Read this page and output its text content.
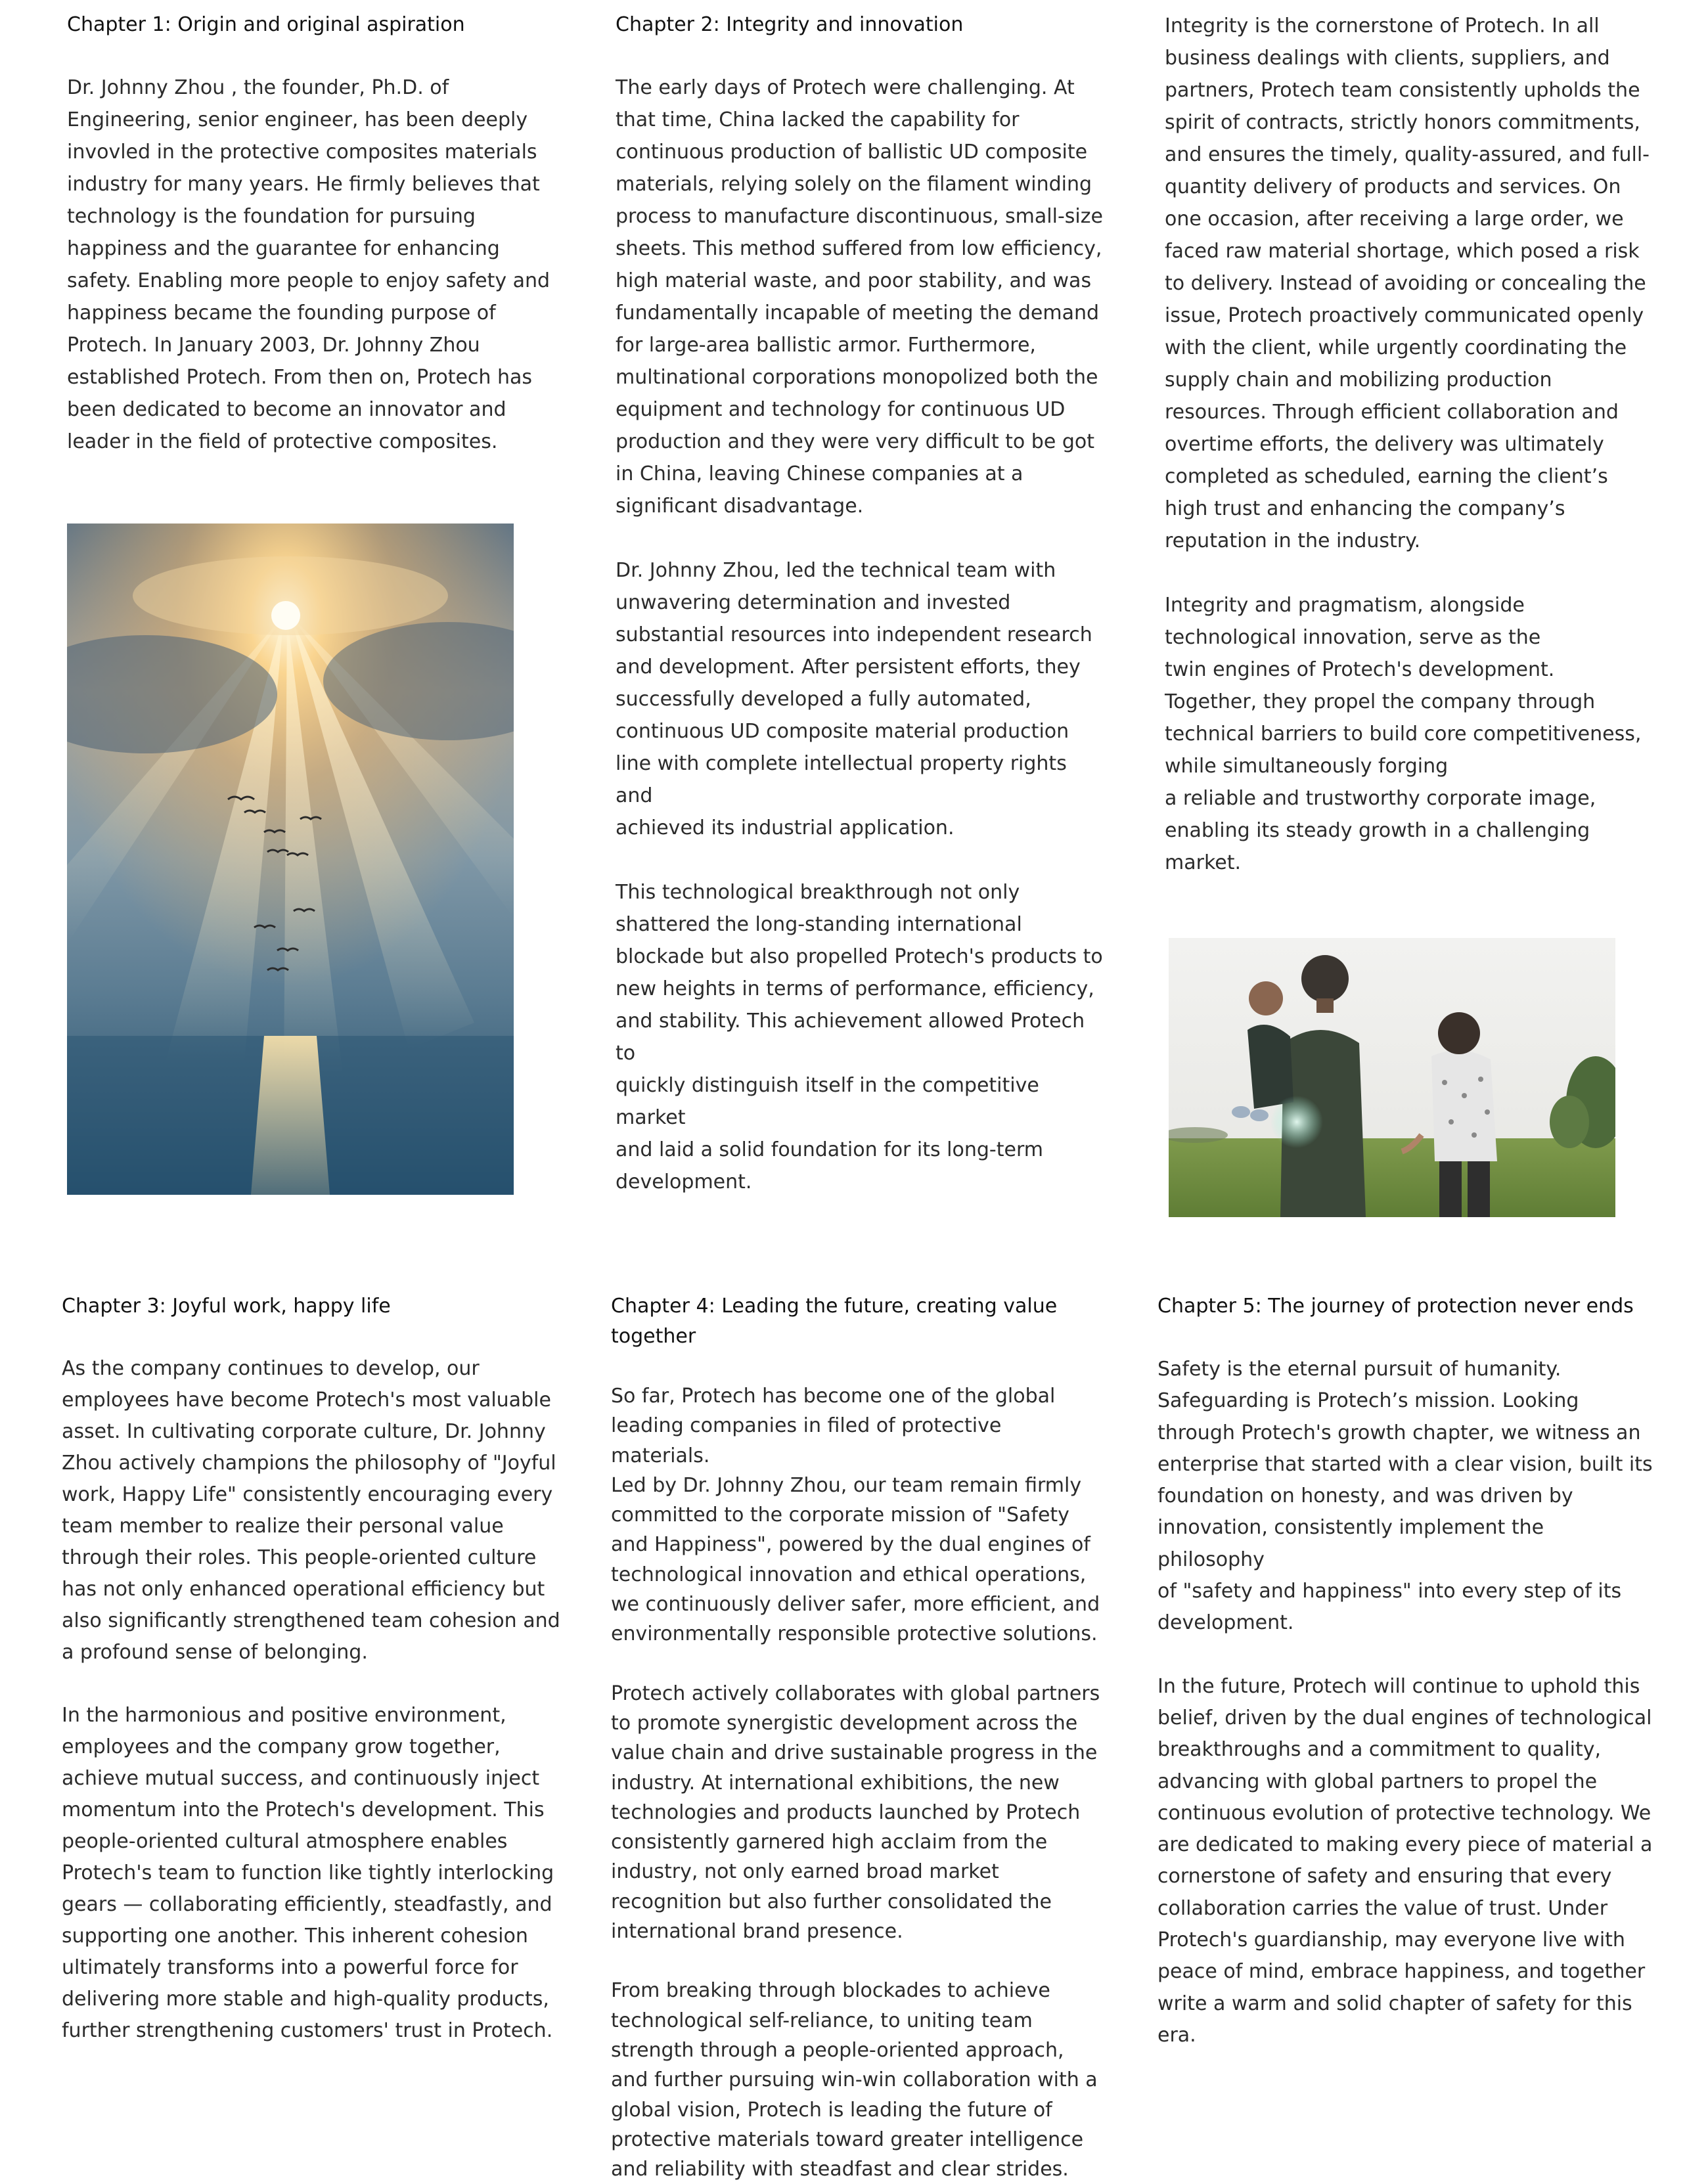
Chapter 1: Origin and original aspiration

Dr. Johnny Zhou , the founder, Ph.D. of
Engineering, senior engineer, has been deeply
invovled in the protective composites materials
industry for many years. He firmly believes that
technology is the foundation for pursuing
happiness and the guarantee for enhancing
safety. Enabling more people to enjoy safety and
happiness became the founding purpose of
Protech. In January 2003, Dr. Johnny Zhou
established Protech. From then on, Protech has
been dedicated to become an innovator and
leader in the field of protective composites.

Chapter 2: Integrity and innovation

The early days of Protech were challenging. At
that time, China lacked the capability for
continuous production of ballistic UD composite
materials, relying solely on the filament winding
process to manufacture discontinuous, small-size
sheets. This method suffered from low efficiency,
high material waste, and poor stability, and was
fundamentally incapable of meeting the demand
for large-area ballistic armor. Furthermore,
multinational corporations monopolized both the
equipment and technology for continuous UD
production and they were very difficult to be got
in China, leaving Chinese companies at a
significant disadvantage.

Dr. Johnny Zhou, led the technical team with
unwavering determination and invested
substantial resources into independent research
and development. After persistent efforts, they
successfully developed a fully automated,
continuous UD composite material production
line with complete intellectual property rights and
achieved its industrial application.

This technological breakthrough not only
shattered the long-standing international
blockade but also propelled Protech's products to
new heights in terms of performance, efficiency,
and stability. This achievement allowed Protech to
quickly distinguish itself in the competitive market
and laid a solid foundation for its long-term
development.

Integrity is the cornerstone of Protech. In all
business dealings with clients, suppliers, and
partners, Protech team consistently upholds the
spirit of contracts, strictly honors commitments,
and ensures the timely, quality-assured, and full-
quantity delivery of products and services. On
one occasion, after receiving a large order, we
faced raw material shortage, which posed a risk
to delivery. Instead of avoiding or concealing the
issue, Protech proactively communicated openly
with the client, while urgently coordinating the
supply chain and mobilizing production
resources. Through efficient collaboration and
overtime efforts, the delivery was ultimately
completed as scheduled, earning the client’s
high trust and enhancing the company’s
reputation in the industry.

Integrity and pragmatism, alongside
technological innovation, serve as the
twin engines of Protech's development.
Together, they propel the company through
technical barriers to build core competitiveness,
while simultaneously forging
a reliable and trustworthy corporate image,
enabling its steady growth in a challenging
market.

Chapter 3: Joyful work, happy life

As the company continues to develop, our
employees have become Protech's most valuable
asset. In cultivating corporate culture, Dr. Johnny
Zhou actively champions the philosophy of "Joyful
work, Happy Life" consistently encouraging every
team member to realize their personal value
through their roles. This people-oriented culture
has not only enhanced operational efficiency but
also significantly strengthened team cohesion and
a profound sense of belonging.

In the harmonious and positive environment,
employees and the company grow together,
achieve mutual success, and continuously inject
momentum into the Protech's development. This
people-oriented cultural atmosphere enables
Protech's team to function like tightly interlocking
gears — collaborating efficiently, steadfastly, and
supporting one another. This inherent cohesion
ultimately transforms into a powerful force for
delivering more stable and high-quality products,
further strengthening customers' trust in Protech.

Chapter 4: Leading the future, creating value
together

So far, Protech has become one of the global
leading companies in filed of protective materials.
Led by Dr. Johnny Zhou, our team remain firmly
committed to the corporate mission of "Safety
and Happiness", powered by the dual engines of
technological innovation and ethical operations,
we continuously deliver safer, more efficient, and
environmentally responsible protective solutions.

Protech actively collaborates with global partners
to promote synergistic development across the
value chain and drive sustainable progress in the
industry. At international exhibitions, the new
technologies and products launched by Protech
consistently garnered high acclaim from the
industry, not only earned broad market
recognition but also further consolidated the
international brand presence.

From breaking through blockades to achieve
technological self-reliance, to uniting team
strength through a people-oriented approach,
and further pursuing win-win collaboration with a
global vision, Protech is leading the future of
protective materials toward greater intelligence
and reliability with steadfast and clear strides.

Chapter 5: The journey of protection never ends

Safety is the eternal pursuit of humanity.
Safeguarding is Protech’s mission. Looking
through Protech's growth chapter, we witness an
enterprise that started with a clear vision, built its
foundation on honesty, and was driven by
innovation, consistently implement the philosophy
of "safety and happiness" into every step of its
development.

In the future, Protech will continue to uphold this
belief, driven by the dual engines of technological
breakthroughs and a commitment to quality,
advancing with global partners to propel the
continuous evolution of protective technology. We
are dedicated to making every piece of material a
cornerstone of safety and ensuring that every
collaboration carries the value of trust. Under
Protech's guardianship, may everyone live with
peace of mind, embrace happiness, and together
write a warm and solid chapter of safety for this
era.
